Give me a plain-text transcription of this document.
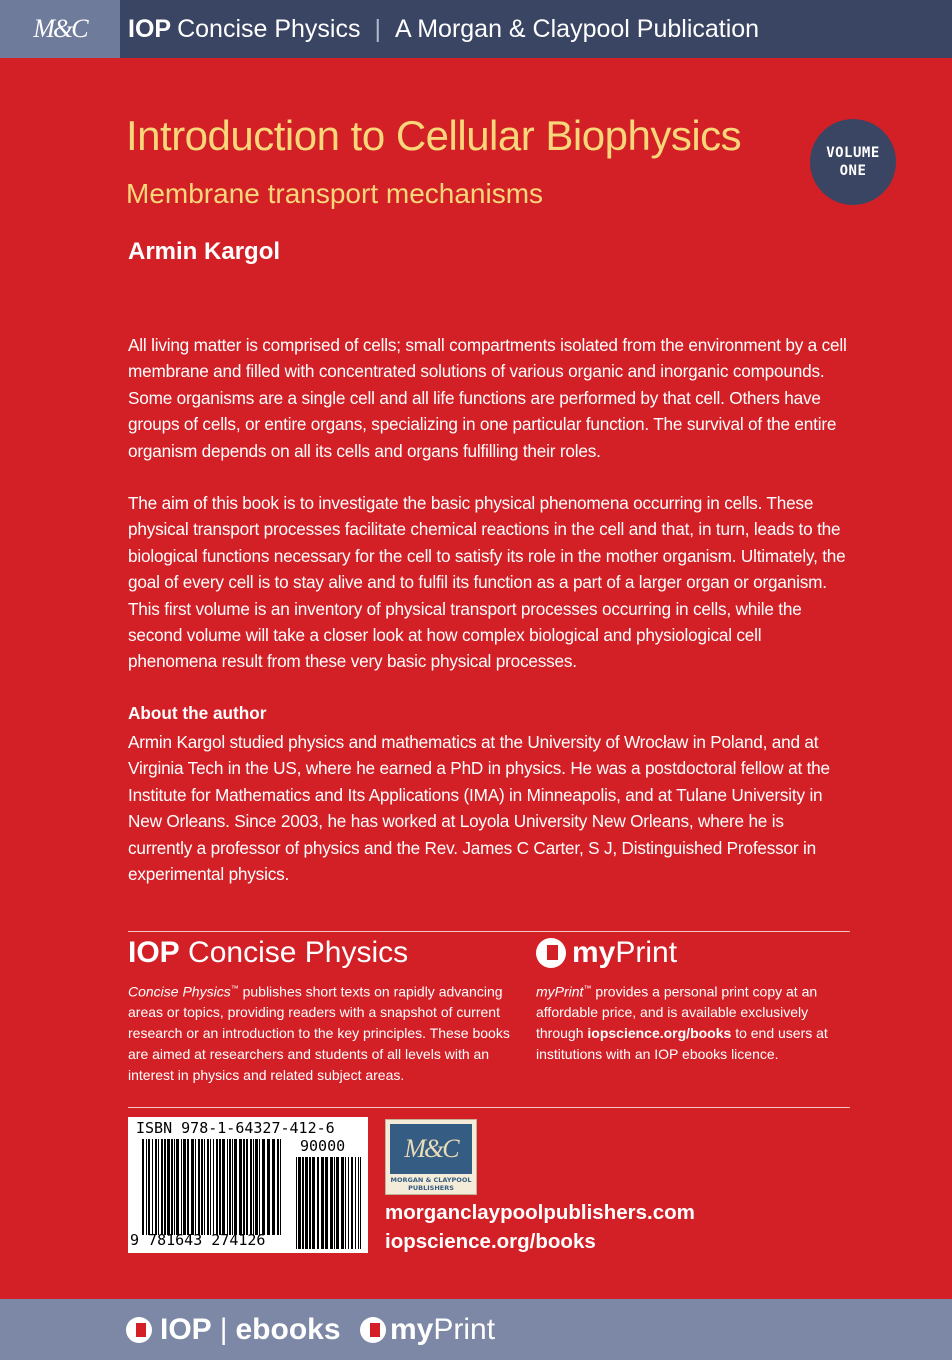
M&C IOP Concise Physics | A Morgan & Claypool Publication
Introduction to Cellular Biophysics
Membrane transport mechanisms
Armin Kargol
VOLUME
ONE
All living matter is comprised of cells; small compartments isolated from the environment by a cell membrane and filled with concentrated solutions of various organic and inorganic compounds. Some organisms are a single cell and all life functions are performed by that cell. Others have groups of cells, or entire organs, specializing in one particular function. The survival of the entire organism depends on all its cells and organs fulfilling their roles.
The aim of this book is to investigate the basic physical phenomena occurring in cells. These physical transport processes facilitate chemical reactions in the cell and that, in turn, leads to the biological functions necessary for the cell to satisfy its role in the mother organism. Ultimately, the goal of every cell is to stay alive and to fulfil its function as a part of a larger organ or organism. This first volume is an inventory of physical transport processes occurring in cells, while the second volume will take a closer look at how complex biological and physiological cell phenomena result from these very basic physical processes.
About the author
Armin Kargol studied physics and mathematics at the University of Wrocław in Poland, and at Virginia Tech in the US, where he earned a PhD in physics. He was a postdoctoral fellow at the Institute for Mathematics and Its Applications (IMA) in Minneapolis, and at Tulane University in New Orleans. Since 2003, he has worked at Loyola University New Orleans, where he is currently a professor of physics and the Rev. James C Carter, S J, Distinguished Professor in experimental physics.
IOP Concise Physics
Concise Physics™ publishes short texts on rapidly advancing areas or topics, providing readers with a snapshot of current research or an introduction to the key principles. These books are aimed at researchers and students of all levels with an interest in physics and related subject areas.
my Print
myPrint™ provides a personal print copy at an affordable price, and is available exclusively through iopscience.org/books to end users at institutions with an IOP ebooks licence.
ISBN 978-1-64327-412-6
90000
9 781643 274126
M&C
MORGAN & CLAYPOOL
PUBLISHERS
morganclaypoolpublishers.com
iopscience.org/books
IOP | ebooks my Print
